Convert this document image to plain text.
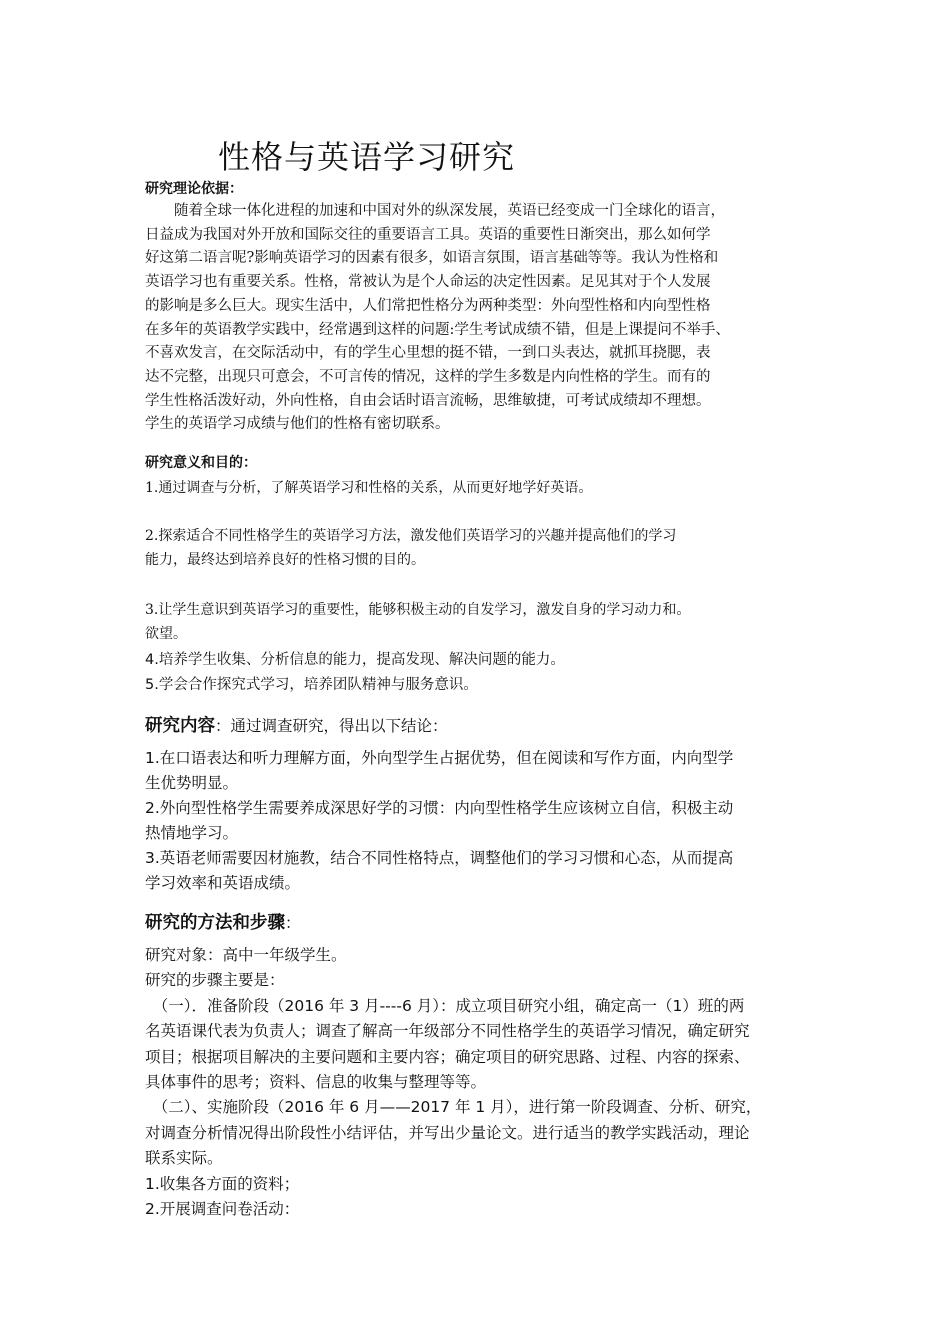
性格与英语学习研究
研究理论依据：
　　随着全球一体化进程的加速和中国对外的纵深发展，英语已经变成一门全球化的语言，
日益成为我国对外开放和国际交往的重要语言工具。英语的重要性日渐突出，那么如何学
好这第二语言呢?影响英语学习的因素有很多，如语言氛围，语言基础等等。我认为性格和
英语学习也有重要关系。性格，常被认为是个人命运的决定性因素。足见其对于个人发展
的影响是多么巨大。现实生活中，人们常把性格分为两种类型：外向型性格和内向型性格
在多年的英语教学实践中，经常遇到这样的问题:学生考试成绩不错，但是上课提问不举手、
不喜欢发言，在交际活动中，有的学生心里想的挺不错，一到口头表达，就抓耳挠腮，表
达不完整，出现只可意会，不可言传的情况，这样的学生多数是内向性格的学生。而有的
学生性格活泼好动，外向性格，自由会话时语言流畅，思维敏捷，可考试成绩却不理想。
学生的英语学习成绩与他们的性格有密切联系。
研究意义和目的：
1.通过调查与分析，了解英语学习和性格的关系，从而更好地学好英语。
2.探索适合不同性格学生的英语学习方法，激发他们英语学习的兴趣并提高他们的学习
能力，最终达到培养良好的性格习惯的目的。
3.让学生意识到英语学习的重要性，能够积极主动的自发学习，激发自身的学习动力和。
欲望。
4.培养学生收集、分析信息的能力，提高发现、解决问题的能力。
5.学会合作探究式学习，培养团队精神与服务意识。
研究内容：通过调查研究，得出以下结论：
1.在口语表达和听力理解方面，外向型学生占据优势，但在阅读和写作方面，内向型学
生优势明显。
2.外向型性格学生需要养成深思好学的习惯：内向型性格学生应该树立自信，积极主动
热情地学习。
3.英语老师需要因材施教，结合不同性格特点，调整他们的学习习惯和心态，从而提高
学习效率和英语成绩。
研究的方法和步骤：
研究对象：高中一年级学生。
研究的步骤主要是：
　（一）．准备阶段（2016 年 3 月----6 月）：成立项目研究小组，确定高一（1）班的两
名英语课代表为负责人；调查了解高一年级部分不同性格学生的英语学习情况，确定研究
项目；根据项目解决的主要问题和主要内容；确定项目的研究思路、过程、内容的探索、
具体事件的思考；资料、信息的收集与整理等等。
　（二）、实施阶段（2016 年 6 月——2017 年 1 月），进行第一阶段调查、分析、研究，
对调查分析情况得出阶段性小结评估，并写出少量论文。进行适当的教学实践活动，理论
联系实际。
1.收集各方面的资料；
2.开展调查问卷活动：
